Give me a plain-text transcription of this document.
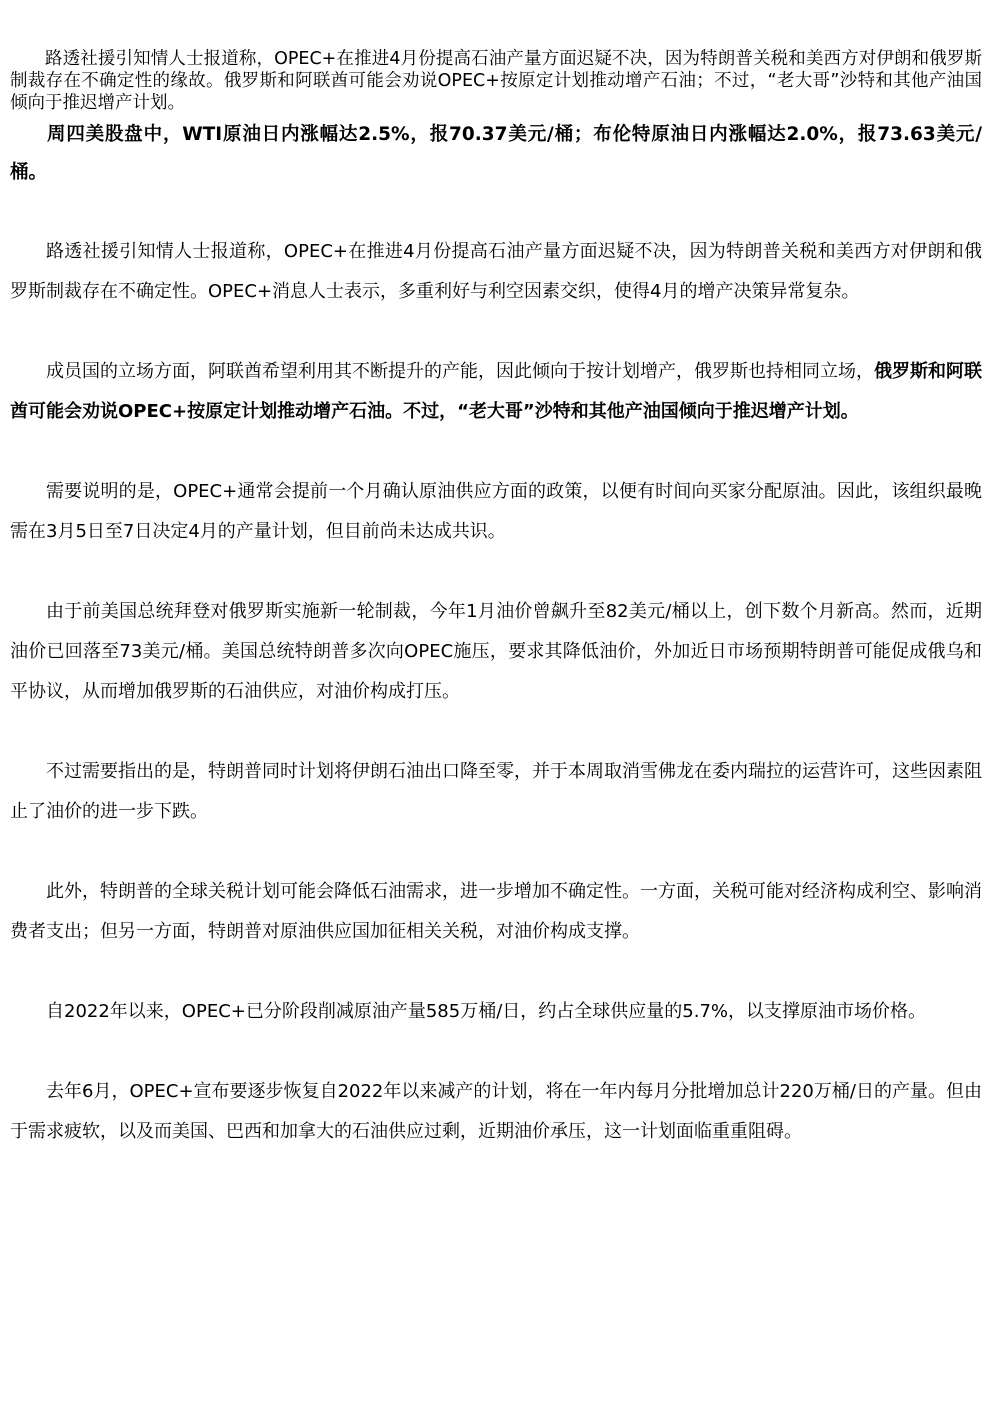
路透社援引知情人士报道称，OPEC+在推进4月份提高石油产量方面迟疑不决，因为特朗普关税和美西方对伊朗和俄罗斯制裁存在不确定性的缘故。俄罗斯和阿联酋可能会劝说OPEC+按原定计划推动增产石油；不过，“老大哥”沙特和其他产油国倾向于推迟增产计划。

周四美股盘中，WTI原油日内涨幅达2.5%，报70.37美元/桶；布伦特原油日内涨幅达2.0%，报73.63美元/桶。

路透社援引知情人士报道称，OPEC+在推进4月份提高石油产量方面迟疑不决，因为特朗普关税和美西方对伊朗和俄罗斯制裁存在不确定性。OPEC+消息人士表示，多重利好与利空因素交织，使得4月的增产决策异常复杂。

成员国的立场方面，阿联酋希望利用其不断提升的产能，因此倾向于按计划增产，俄罗斯也持相同立场，俄罗斯和阿联酋可能会劝说OPEC+按原定计划推动增产石油。不过，“老大哥”沙特和其他产油国倾向于推迟增产计划。

需要说明的是，OPEC+通常会提前一个月确认原油供应方面的政策，以便有时间向买家分配原油。因此，该组织最晚需在3月5日至7日决定4月的产量计划，但目前尚未达成共识。

由于前美国总统拜登对俄罗斯实施新一轮制裁，今年1月油价曾飙升至82美元/桶以上，创下数个月新高。然而，近期油价已回落至73美元/桶。美国总统特朗普多次向OPEC施压，要求其降低油价，外加近日市场预期特朗普可能促成俄乌和平协议，从而增加俄罗斯的石油供应，对油价构成打压。

不过需要指出的是，特朗普同时计划将伊朗石油出口降至零，并于本周取消雪佛龙在委内瑞拉的运营许可，这些因素阻止了油价的进一步下跌。

此外，特朗普的全球关税计划可能会降低石油需求，进一步增加不确定性。一方面，关税可能对经济构成利空、影响消费者支出；但另一方面，特朗普对原油供应国加征相关关税，对油价构成支撑。

自2022年以来，OPEC+已分阶段削减原油产量585万桶/日，约占全球供应量的5.7%，以支撑原油市场价格。

去年6月，OPEC+宣布要逐步恢复自2022年以来减产的计划，将在一年内每月分批增加总计220万桶/日的产量。但由于需求疲软，以及而美国、巴西和加拿大的石油供应过剩，近期油价承压，这一计划面临重重阻碍。
